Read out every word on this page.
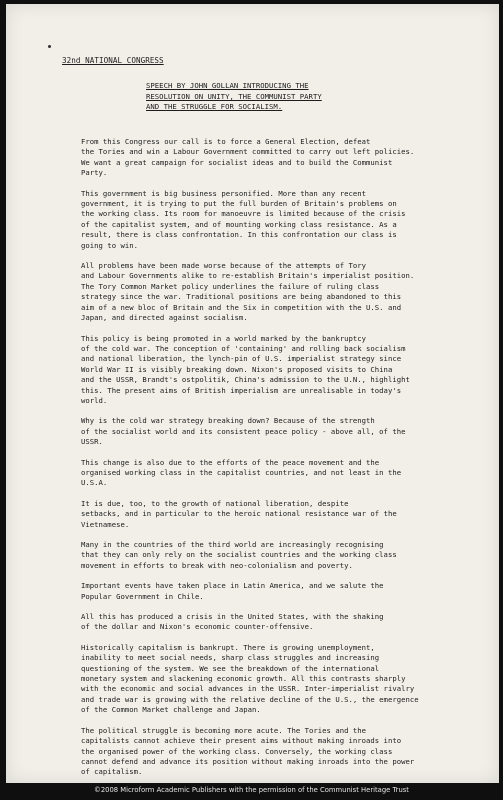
32nd NATIONAL CONGRESS
SPEECH BY JOHN GOLLAN INTRODUCING THE
RESOLUTION ON UNITY, THE COMMUNIST PARTY
AND THE STRUGGLE FOR SOCIALISM.
From this Congress our call is to force a General Election, defeat
the Tories and win a Labour Government committed to carry out left policies.
We want a great campaign for socialist ideas and to build the Communist
Party.
This government is big business personified. More than any recent
government, it is trying to put the full burden of Britain's problems on
the working class. Its room for manoeuvre is limited because of the crisis
of the capitalist system, and of mounting working class resistance. As a
result, there is class confrontation. In this confrontation our class is
going to win.
All problems have been made worse because of the attempts of Tory
and Labour Governments alike to re-establish Britain's imperialist position.
The Tory Common Market policy underlines the failure of ruling class
strategy since the war. Traditional positions are being abandoned to this
aim of a new bloc of Britain and the Six in competition with the U.S. and
Japan, and directed against socialism.
This policy is being promoted in a world marked by the bankruptcy
of the cold war. The conception of 'containing' and rolling back socialism
and national liberation, the lynch-pin of U.S. imperialist strategy since
World War II is visibly breaking down. Nixon's proposed visits to China
and the USSR, Brandt's ostpolitik, China's admission to the U.N., highlight
this. The present aims of British imperialism are unrealisable in today's
world.
Why is the cold war strategy breaking down? Because of the strength
of the socialist world and its consistent peace policy - above all, of the
USSR.
This change is also due to the efforts of the peace movement and the
organised working class in the capitalist countries, and not least in the
U.S.A.
It is due, too, to the growth of national liberation, despite
setbacks, and in particular to the heroic national resistance war of the
Vietnamese.
Many in the countries of the third world are increasingly recognising
that they can only rely on the socialist countries and the working class
movement in efforts to break with neo-colonialism and poverty.
Important events have taken place in Latin America, and we salute the
Popular Government in Chile.
All this has produced a crisis in the United States, with the shaking
of the dollar and Nixon's economic counter-offensive.
Historically capitalism is bankrupt. There is growing unemployment,
inability to meet social needs, sharp class struggles and increasing
questioning of the system. We see the breakdown of the international
monetary system and slackening economic growth. All this contrasts sharply
with the economic and social advances in the USSR. Inter-imperialist rivalry
and trade war is growing with the relative decline of the U.S., the emergence
of the Common Market challenge and Japan.
The political struggle is becoming more acute. The Tories and the
capitalists cannot achieve their present aims without making inroads into
the organised power of the working class. Conversely, the working class
cannot defend and advance its position without making inroads into the power
of capitalism.
©2008 Microform Academic Publishers with the permission of the Communist Heritage Trust
